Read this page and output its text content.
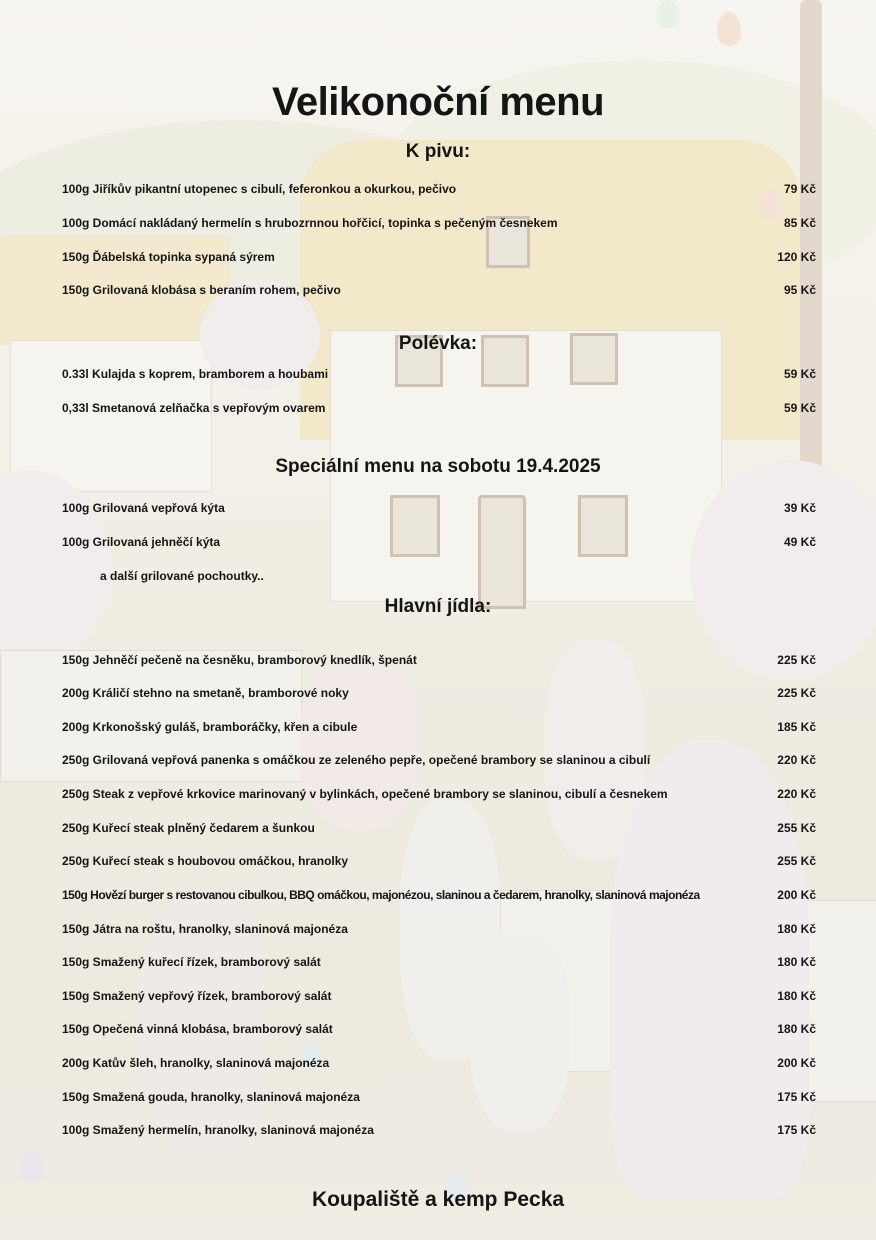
Velikonoční menu
K pivu:
100g Jiříkův pikantní utopenec s cibulí, feferonkou a okurkou, pečivo	79 Kč
100g Domácí nakládaný hermelín s hrubozrnnou hořčicí, topinka s pečeným česnekem	85 Kč
150g Ďábelská topinka sypaná sýrem	120 Kč
150g Grilovaná klobása s beraním rohem, pečivo	95 Kč
Polévka:
0.33l Kulajda s koprem, bramborem a houbami	59 Kč
0,33l Smetanová zelňačka s vepřovým ovarem	59 Kč
Speciální menu na sobotu 19.4.2025
100g Grilovaná vepřová kýta	39 Kč
100g Grilovaná jehněčí kýta	49 Kč
a další grilované pochoutky..
Hlavní jídla:
150g Jehněčí pečeně na česněku, bramborový knedlík, špenát	225 Kč
200g Králičí stehno na smetaně, bramborové noky	225 Kč
200g Krkonošský guláš, bramboráčky, křen a cibule	185 Kč
250g Grilovaná vepřová panenka s omáčkou ze zeleného pepře, opečené brambory se slaninou a cibulí	220 Kč
250g Steak z vepřové krkovice marinovaný v bylinkách, opečené brambory se slaninou, cibulí a česnekem	220 Kč
250g Kuřecí steak plněný čedarem a šunkou	255 Kč
250g Kuřecí steak s houbovou omáčkou, hranolky	255 Kč
150g Hovězí burger s restovanou cibulkou, BBQ omáčkou, majonézou, slaninou a čedarem, hranolky, slaninová majonéza	200 Kč
150g Játra na roštu, hranolky, slaninová majonéza	180 Kč
150g Smažený kuřecí řízek, bramborový salát	180 Kč
150g Smažený vepřový řízek, bramborový salát	180 Kč
150g Opečená vinná klobása, bramborový salát	180 Kč
200g Katův šleh, hranolky, slaninová majonéza	200 Kč
150g Smažená gouda, hranolky, slaninová majonéza	175 Kč
100g Smažený hermelín, hranolky, slaninová majonéza	175 Kč
Koupaliště a kemp Pecka
